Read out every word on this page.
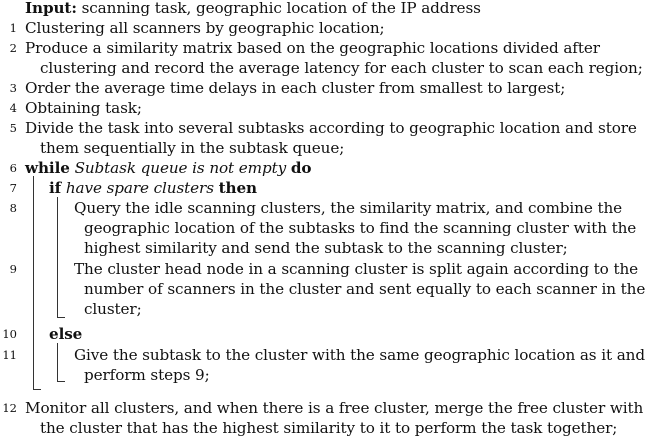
Input: scanning task, geographic location of the IP address
1 Clustering all scanners by geographic location;
2 Produce a similarity matrix based on the geographic locations divided after
clustering and record the average latency for each cluster to scan each region;
3 Order the average time delays in each cluster from smallest to largest;
4 Obtaining task;
5 Divide the task into several subtasks according to geographic location and store
them sequentially in the subtask queue;
6 while Subtask queue is not empty do
7 if have spare clusters then
8	Query the idle scanning clusters, the similarity matrix, and combine the
geographic location of the subtasks to find the scanning cluster with the
highest similarity and send the subtask to the scanning cluster;
9	The cluster head node in a scanning cluster is split again according to the
number of scanners in the cluster and sent equally to each scanner in the
cluster;
10 else
11	Give the subtask to the cluster with the same geographic location as it and
perform steps 9;
12 Monitor all clusters, and when there is a free cluster, merge the free cluster with
the cluster that has the highest similarity to it to perform the task together;
